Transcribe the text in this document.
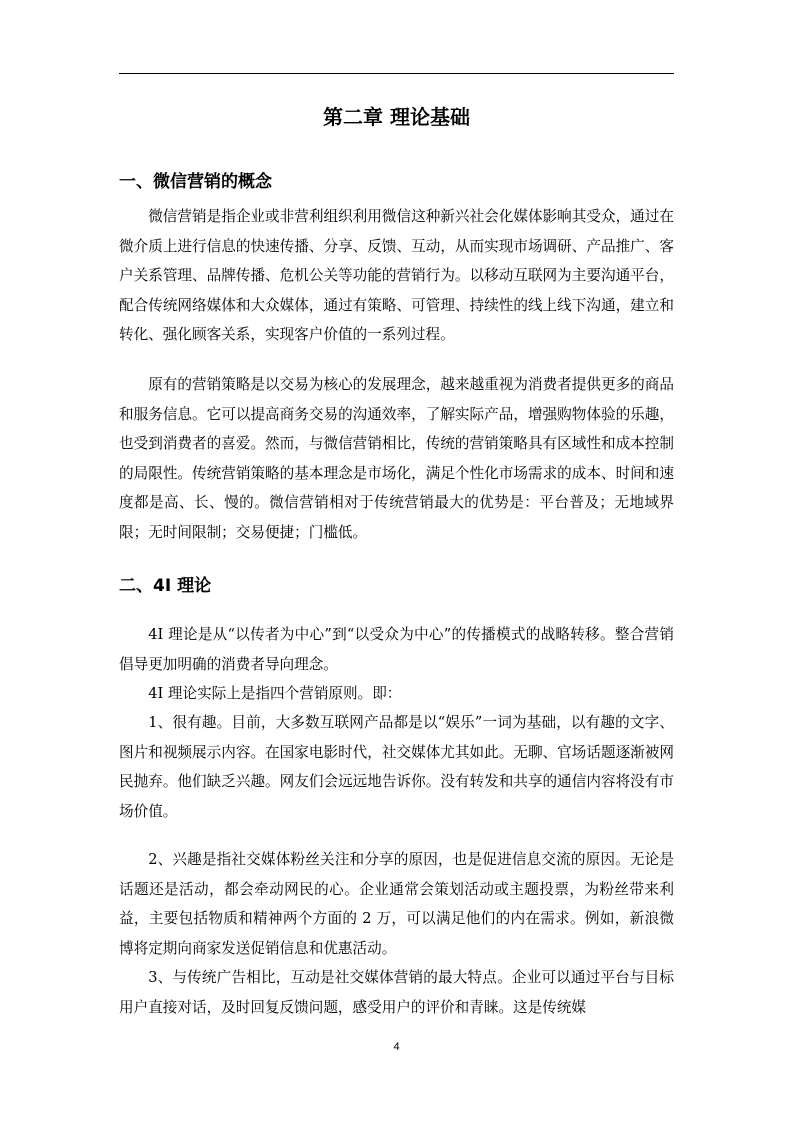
第二章 理论基础
一、微信营销的概念

微信营销是指企业或非营利组织利用微信这种新兴社会化媒体影响其受众，通过在微介质上进行信息的快速传播、分享、反馈、互动，从而实现市场调研、产品推广、客户关系管理、品牌传播、危机公关等功能的营销行为。以移动互联网为主要沟通平台，配合传统网络媒体和大众媒体，通过有策略、可管理、持续性的线上线下沟通，建立和转化、强化顾客关系，实现客户价值的一系列过程。

原有的营销策略是以交易为核心的发展理念，越来越重视为消费者提供更多的商品和服务信息。它可以提高商务交易的沟通效率，了解实际产品，增强购物体验的乐趣，也受到消费者的喜爱。然而，与微信营销相比，传统的营销策略具有区域性和成本控制的局限性。传统营销策略的基本理念是市场化，满足个性化市场需求的成本、时间和速度都是高、长、慢的。微信营销相对于传统营销最大的优势是：平台普及；无地域界限；无时间限制；交易便捷；门槛低。

二、4I 理论

4I 理论是从“以传者为中心”到“以受众为中心”的传播模式的战略转移。整合营销倡导更加明确的消费者导向理念。

4I 理论实际上是指四个营销原则。即：

1、很有趣。目前，大多数互联网产品都是以“娱乐”一词为基础，以有趣的文字、图片和视频展示内容。在国家电影时代，社交媒体尤其如此。无聊、官场话题逐渐被网民抛弃。他们缺乏兴趣。网友们会远远地告诉你。没有转发和共享的通信内容将没有市场价值。

2、兴趣是指社交媒体粉丝关注和分享的原因，也是促进信息交流的原因。无论是话题还是活动，都会牵动网民的心。企业通常会策划活动或主题投票，为粉丝带来利益，主要包括物质和精神两个方面的 2 万，可以满足他们的内在需求。例如，新浪微博将定期向商家发送促销信息和优惠活动。

3、与传统广告相比，互动是社交媒体营销的最大特点。企业可以通过平台与目标用户直接对话，及时回复反馈问题，感受用户的评价和青睐。这是传统媒

4
